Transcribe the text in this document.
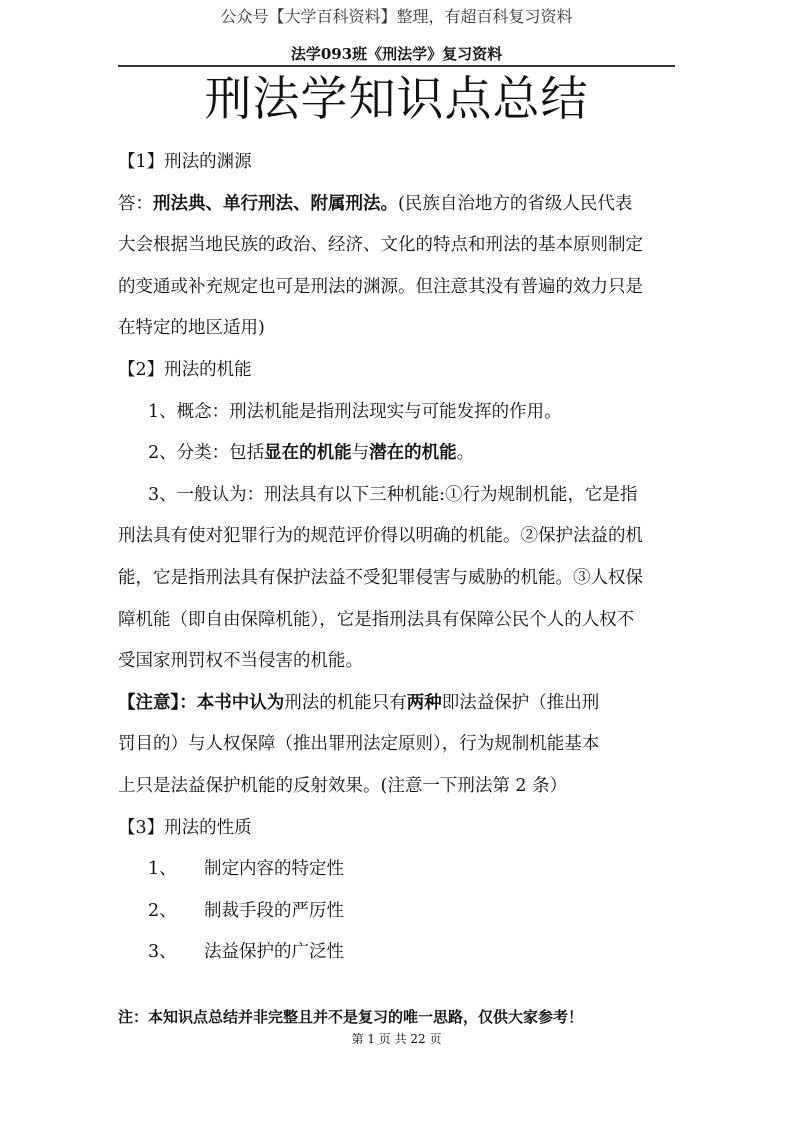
公众号【大学百科资料】整理，有超百科复习资料
法学093班《刑法学》复习资料
刑法学知识点总结
【1】刑法的渊源
答：刑法典、单行刑法、附属刑法。(民族自治地方的省级人民代表
大会根据当地民族的政治、经济、文化的特点和刑法的基本原则制定
的变通或补充规定也可是刑法的渊源。但注意其没有普遍的效力只是
在特定的地区适用)
【2】刑法的机能
1、概念：刑法机能是指刑法现实与可能发挥的作用。
2、分类：包括显在的机能与潜在的机能。
3、一般认为：刑法具有以下三种机能:①行为规制机能，它是指
刑法具有使对犯罪行为的规范评价得以明确的机能。②保护法益的机
能，它是指刑法具有保护法益不受犯罪侵害与威胁的机能。③人权保
障机能（即自由保障机能），它是指刑法具有保障公民个人的人权不
受国家刑罚权不当侵害的机能。
【注意】：本书中认为刑法的机能只有两种即法益保护（推出刑
罚目的）与人权保障（推出罪刑法定原则），行为规制机能基本
上只是法益保护机能的反射效果。(注意一下刑法第 2 条）
【3】刑法的性质
1、 制定内容的特定性
2、 制裁手段的严厉性
3、 法益保护的广泛性
注：本知识点总结并非完整且并不是复习的唯一思路，仅供大家参考！
第 1 页 共 22 页
